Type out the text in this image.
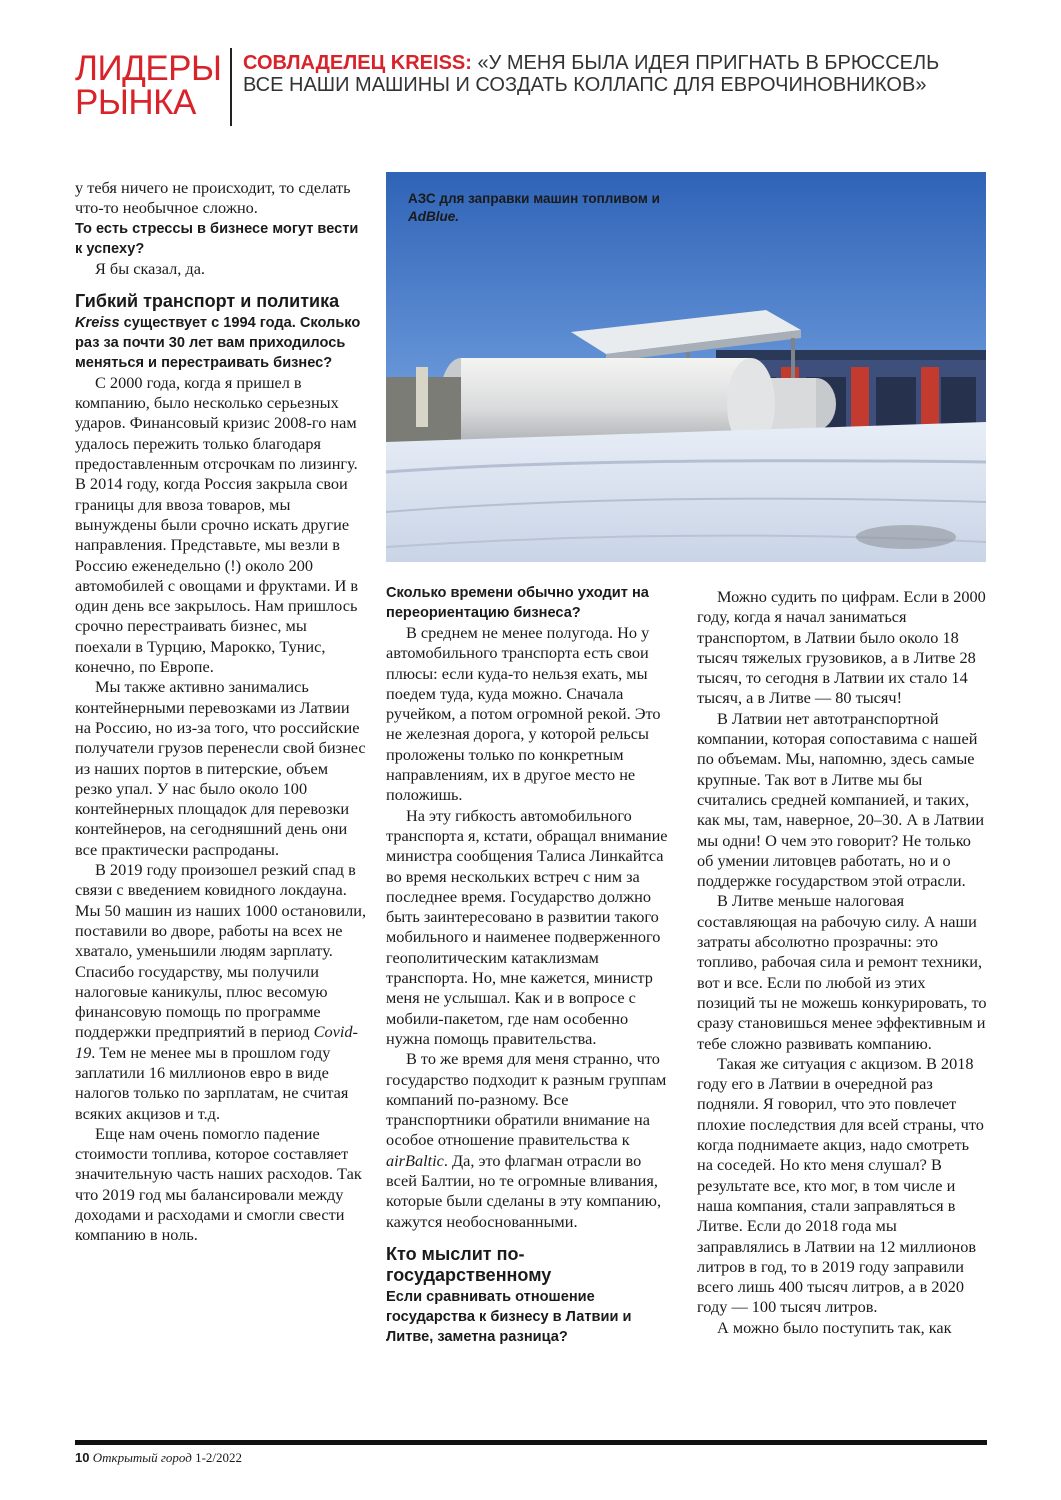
ЛИДЕРЫ РЫНКА
СОВЛАДЕЛЕЦ KREISS: «У МЕНЯ БЫЛА ИДЕЯ ПРИГНАТЬ В БРЮССЕЛЬ ВСЕ НАШИ МАШИНЫ И СОЗДАТЬ КОЛЛАПС ДЛЯ ЕВРОЧИНОВНИКОВ»
АЗС для заправки машин топливом и AdBlue.

у тебя ничего не происходит, то сделать что-то необычное сложно.

То есть стрессы в бизнесе могут вести к успеху?

Я бы сказал, да.

Гибкий транспорт и политика

Kreiss существует с 1994 года. Сколько раз за почти 30 лет вам приходилось меняться и перестраивать бизнес?

С 2000 года, когда я пришел в компанию, было несколько серьезных ударов. Финансовый кризис 2008-го нам удалось пережить только благодаря предоставленным отсрочкам по лизингу. В 2014 году, когда Россия закрыла свои границы для ввоза товаров, мы вынуждены были срочно искать другие направления. Представьте, мы везли в Россию еженедельно (!) около 200 автомобилей с овощами и фруктами. И в один день все закрылось. Нам пришлось срочно перестраивать бизнес, мы поехали в Турцию, Марокко, Тунис, конечно, по Европе.

Мы также активно занимались контейнерными перевозками из Латвии на Россию, но из-за того, что российские получатели грузов перенесли свой бизнес из наших портов в питерские, объем резко упал. У нас было около 100 контейнерных площадок для перевозки контейнеров, на сегодняшний день они все практически распроданы.

В 2019 году произошел резкий спад в связи с введением ковидного локдауна. Мы 50 машин из наших 1000 остановили, поставили во дворе, работы на всех не хватало, уменьшили людям зарплату. Спасибо государству, мы получили налоговые каникулы, плюс весомую финансовую помощь по программе поддержки предприятий в период Covid-19. Тем не менее мы в прошлом году заплатили 16 миллионов евро в виде налогов только по зарплатам, не считая всяких акцизов и т.д.

Еще нам очень помогло падение стоимости топлива, которое составляет значительную часть наших расходов. Так что 2019 год мы балансировали между доходами и расходами и смогли свести компанию в ноль.

Сколько времени обычно уходит на переориентацию бизнеса?

В среднем не менее полугода. Но у автомобильного транспорта есть свои плюсы: если куда-то нельзя ехать, мы поедем туда, куда можно. Сначала ручейком, а потом огромной рекой. Это не железная дорога, у которой рельсы проложены только по конкретным направлениям, их в другое место не положишь.

На эту гибкость автомобильного транспорта я, кстати, обращал внимание министра сообщения Талиса Линкайтса во время нескольких встреч с ним за последнее время. Государство должно быть заинтересовано в развитии такого мобильного и наименее подверженного геополитическим катаклизмам транспорта. Но, мне кажется, министр меня не услышал. Как и в вопросе с мобили-пакетом, где нам особенно нужна помощь правительства.

В то же время для меня странно, что государство подходит к разным группам компаний по-разному. Все транспортники обратили внимание на особое отношение правительства к airBaltic. Да, это флагман отрасли во всей Балтии, но те огромные вливания, которые были сделаны в эту компанию, кажутся необоснованными.

Кто мыслит по-государственному

Если сравнивать отношение государства к бизнесу в Латвии и Литве, заметна разница?

Можно судить по цифрам. Если в 2000 году, когда я начал заниматься транспортом, в Латвии было около 18 тысяч тяжелых грузовиков, а в Литве 28 тысяч, то сегодня в Латвии их стало 14 тысяч, а в Литве — 80 тысяч!

В Латвии нет автотранспортной компании, которая сопоставима с нашей по объемам. Мы, напомню, здесь самые крупные. Так вот в Литве мы бы считались средней компанией, и таких, как мы, там, наверное, 20–30. А в Латвии мы одни! О чем это говорит? Не только об умении литовцев работать, но и о поддержке государством этой отрасли.

В Литве меньше налоговая составляющая на рабочую силу. А наши затраты абсолютно прозрачны: это топливо, рабочая сила и ремонт техники, вот и все. Если по любой из этих позиций ты не можешь конкурировать, то сразу становишься менее эффективным и тебе сложно развивать компанию.

Такая же ситуация с акцизом. В 2018 году его в Латвии в очередной раз подняли. Я говорил, что это повлечет плохие последствия для всей страны, что когда поднимаете акциз, надо смотреть на соседей. Но кто меня слушал? В результате все, кто мог, в том числе и наша компания, стали заправляться в Литве. Если до 2018 года мы заправлялись в Латвии на 12 миллионов литров в год, то в 2019 году заправили всего лишь 400 тысяч литров, а в 2020 году — 100 тысяч литров.

А можно было поступить так, как

10 Открытый город 1-2/2022
